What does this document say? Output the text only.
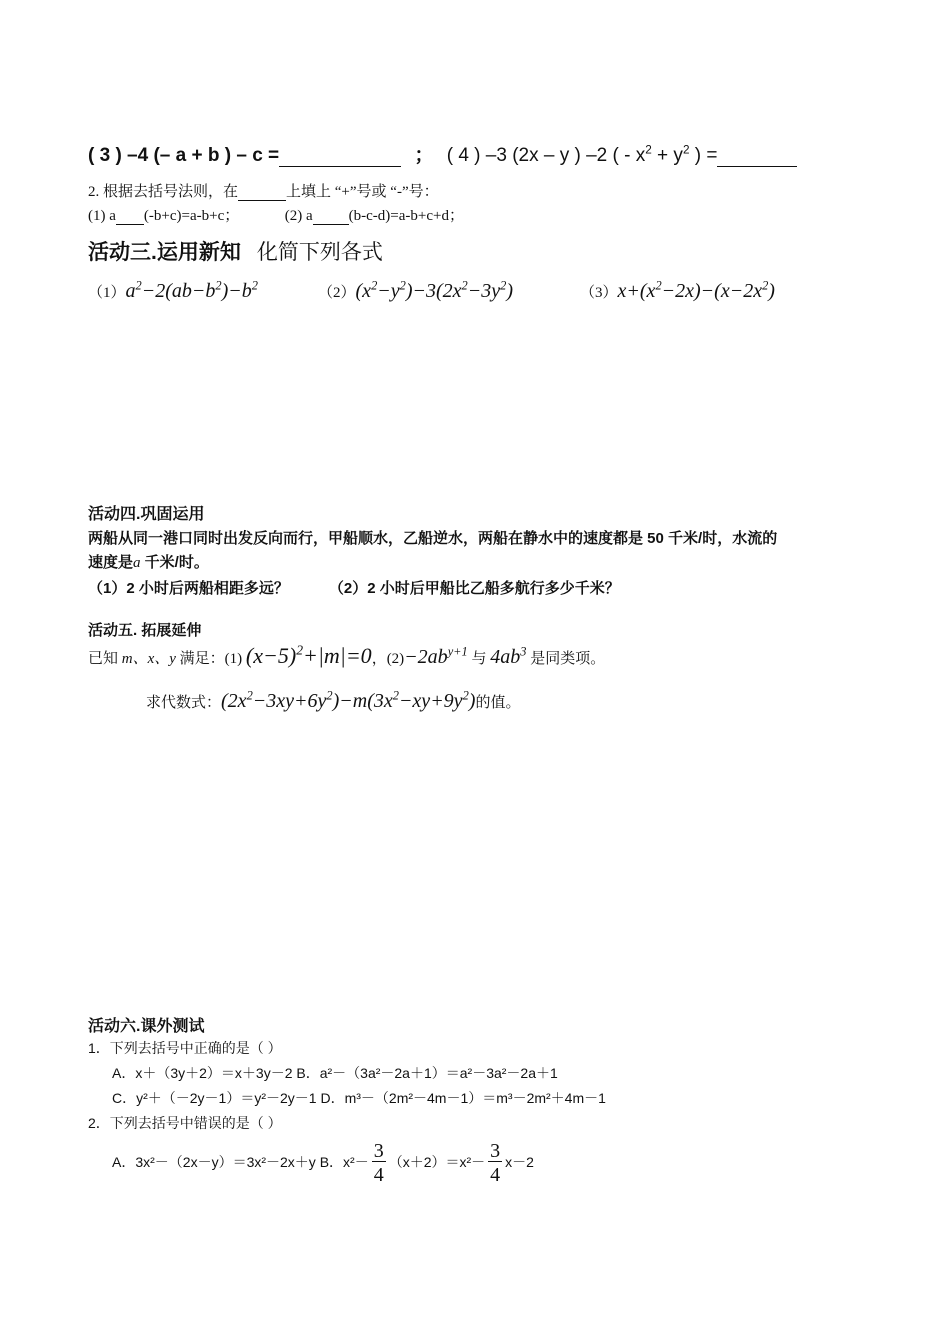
( 3 ) –4 (– a + b ) – c =	； ( 4 ) –3 (2x – y ) –2 ( - $x^2 + y^2$ ) =
2. 根据去括号法则，在	上填上 “+”号或 “-”号：
(1) a (-b+c)=a-b+c；	(2) a (b-c-d)=a-b+c+d；
活动三.运用新知 化简下列各式
$(1)a^2-2(ab-b^2)-b^2$	$(2)(x^2-y^2)-3(2x^2-3y^2)$	$(3)x+(x^2-2x)-(x-2x^2)$
活动四.巩固运用
两船从同一港口同时出发反向而行，甲船顺水，乙船逆水，两船在静水中的速度都是 50 千米/时，水流的
速度是a 千米/时。
（1）2 小时后两船相距多远？	（2）2 小时后甲船比乙船多航行多少千米？
活动五. 拓展延伸
已知 m、x、y 满足：(1) $(x-5)^2+|m|=0$，$(2)-2ab^{y+1}$ 与 $4ab^3$ 是同类项。
求代数式：$(2x^2-3xy+6y^2)-m(3x^2-xy+9y^2)$的值。
活动六.课外测试
1．下列去括号中正确的是（ ）
A．x＋（3y＋2）＝x＋3y－2 B．a²－（3a²－2a＋1）＝a²－3a²－2a＋1
C．y²＋（－2y－1）＝y²－2y－1 D．m³－（2m²－4m－1）＝m³－2m²＋4m－1
2．下列去括号中错误的是（ ）
A．3x²－（2x－y）＝3x²－2x＋y B．$x^2- \frac{3}{4} (x+2)=x^2- \frac{3}{4} x-2$
